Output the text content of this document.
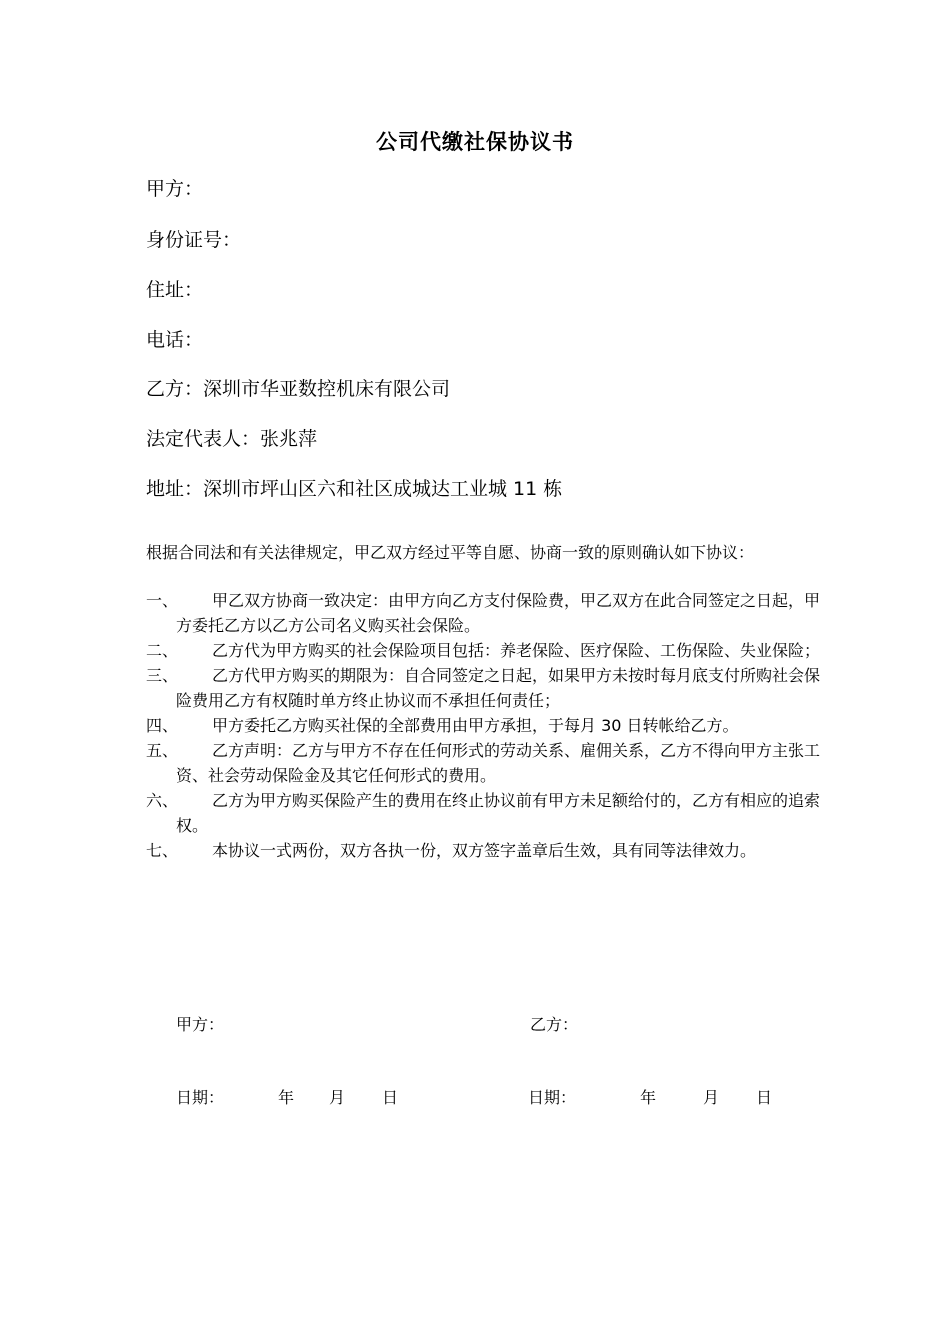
公司代缴社保协议书
甲方：
身份证号：
住址：
电话：
乙方：深圳市华亚数控机床有限公司
法定代表人：张兆萍
地址：深圳市坪山区六和社区成城达工业城 11 栋
根据合同法和有关法律规定，甲乙双方经过平等自愿、协商一致的原则确认如下协议：
一、	甲乙双方协商一致决定：由甲方向乙方支付保险费，甲乙双方在此合同签定之日起，甲方委托乙方以乙方公司名义购买社会保险。
二、	乙方代为甲方购买的社会保险项目包括：养老保险、医疗保险、工伤保险、失业保险；
三、	乙方代甲方购买的期限为：自合同签定之日起，如果甲方未按时每月底支付所购社会保险费用乙方有权随时单方终止协议而不承担任何责任；
四、	甲方委托乙方购买社保的全部费用由甲方承担，于每月 30 日转帐给乙方。
五、	乙方声明：乙方与甲方不存在任何形式的劳动关系、雇佣关系，乙方不得向甲方主张工资、社会劳动保险金及其它任何形式的费用。
六、	乙方为甲方购买保险产生的费用在终止协议前有甲方未足额给付的，乙方有相应的追索权。
七、	本协议一式两份，双方各执一份，双方签字盖章后生效，具有同等法律效力。
甲方：	乙方：
日期：	年 月 日	日期：	年	月 日
